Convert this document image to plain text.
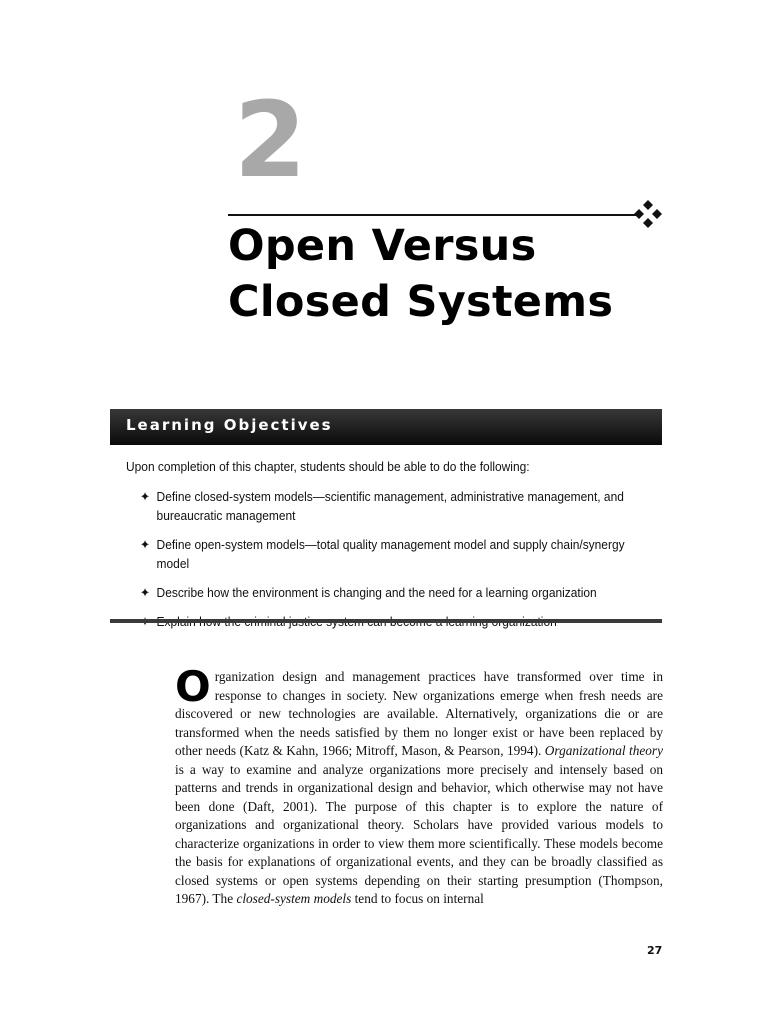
2
Open Versus
Closed Systems
Learning Objectives
Upon completion of this chapter, students should be able to do the following:
✦ Define closed-system models—scientific management, administrative management, and bureaucratic management
✦ Define open-system models—total quality management model and supply chain/synergy model
✦ Describe how the environment is changing and the need for a learning organization

Organization design and management practices have transformed over time in response to changes in society. New organizations emerge when fresh needs are discovered or new technologies are available. Alternatively, organizations die or are transformed when the needs satisfied by them no longer exist or have been replaced by other needs (Katz & Kahn, 1966; Mitroff, Mason, & Pearson, 1994). Organizational theory is a way to examine and analyze organizations more precisely and intensely based on patterns and trends in organizational design and behavior, which otherwise may not have been done (Daft, 2001). The purpose of this chapter is to explore the nature of organizations and organizational theory. Scholars have provided various models to characterize organizations in order to view them more scientifically. These models become the basis for explanations of organizational events, and they can be broadly classified as closed systems or open systems depending on their starting presumption (Thompson, 1967). The closed-system models tend to focus on internal

27
